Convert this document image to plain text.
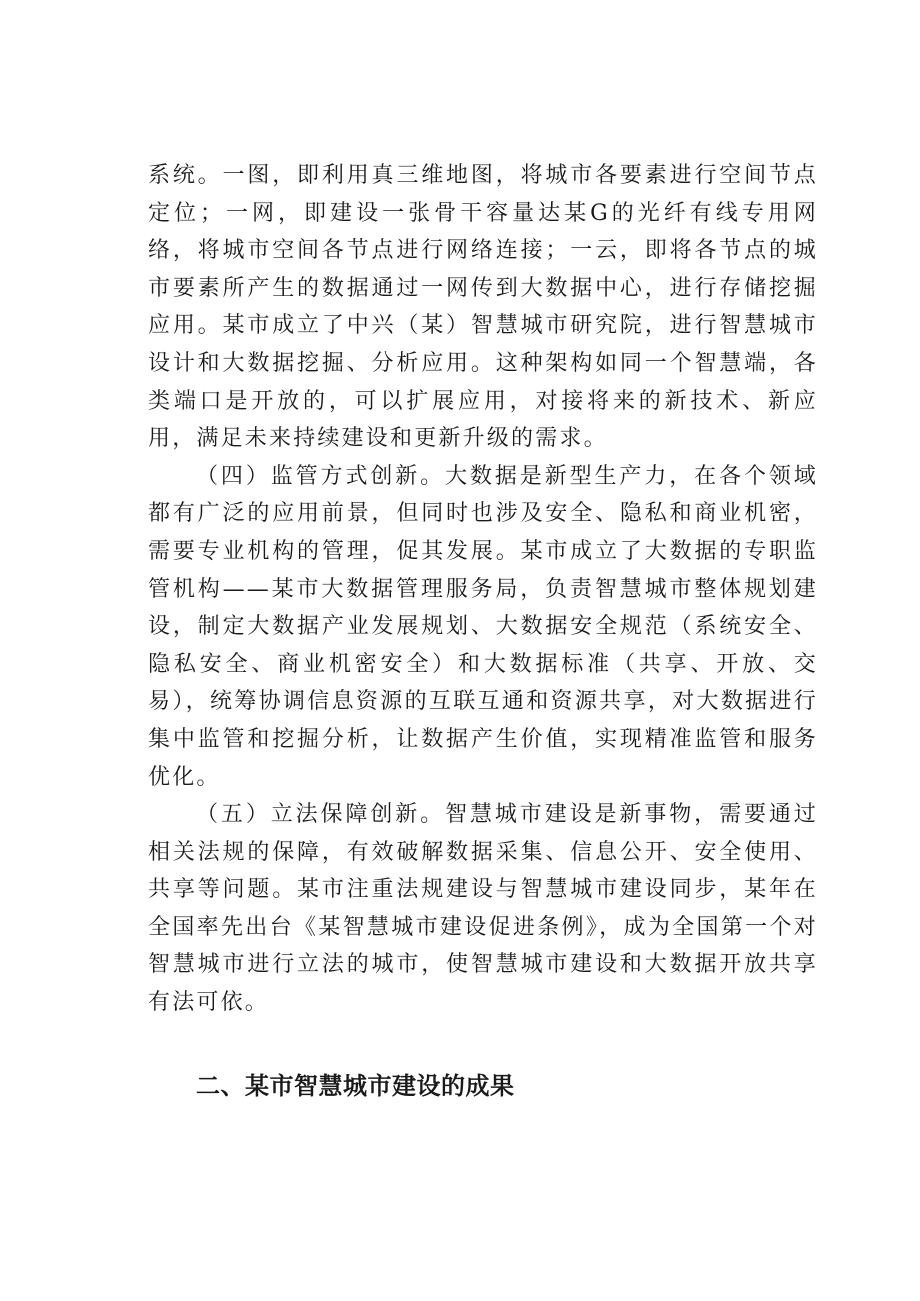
系统。一图，即利用真三维地图，将城市各要素进行空间节点定位；一网，即建设一张骨干容量达某G的光纤有线专用网络，将城市空间各节点进行网络连接；一云，即将各节点的城市要素所产生的数据通过一网传到大数据中心，进行存储挖掘应用。某市成立了中兴（某）智慧城市研究院，进行智慧城市设计和大数据挖掘、分析应用。这种架构如同一个智慧端，各类端口是开放的，可以扩展应用，对接将来的新技术、新应用，满足未来持续建设和更新升级的需求。

（四）监管方式创新。大数据是新型生产力，在各个领域都有广泛的应用前景，但同时也涉及安全、隐私和商业机密，需要专业机构的管理，促其发展。某市成立了大数据的专职监管机构——某市大数据管理服务局，负责智慧城市整体规划建设，制定大数据产业发展规划、大数据安全规范（系统安全、隐私安全、商业机密安全）和大数据标准（共享、开放、交易），统筹协调信息资源的互联互通和资源共享，对大数据进行集中监管和挖掘分析，让数据产生价值，实现精准监管和服务优化。

（五）立法保障创新。智慧城市建设是新事物，需要通过相关法规的保障，有效破解数据采集、信息公开、安全使用、共享等问题。某市注重法规建设与智慧城市建设同步，某年在全国率先出台《某智慧城市建设促进条例》，成为全国第一个对智慧城市进行立法的城市，使智慧城市建设和大数据开放共享有法可依。

二、某市智慧城市建设的成果
